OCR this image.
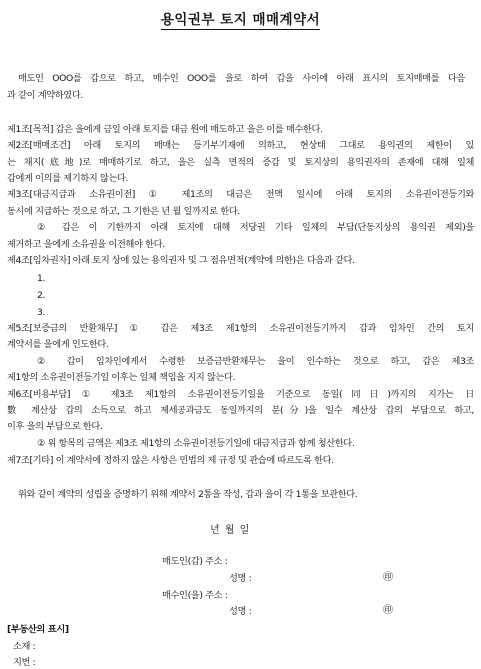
용익권부 토지 매매계약서
매도인 OOO를 갑으로 하고, 매수인 OOO를 을로 하여 갑을 사이에 아래 표시의 토지매매를 다음
과 같이 계약하였다.
제1조[목적] 갑은 을에게 금일 아래 토지를 대금 원에 매도하고 을은 이를 매수한다.
제2조[매매조건] 아래 토지의 매매는 등기부기재에 의하고, 현상태 그대로 용익권의 제한이 있
는 채지(底地)로 매매하기로 하고, 을은 실측 면적의 증감 및 토지상의 용익권자의 존재에 대해 일체
갑에게 이의를 제기하지 않는다.
제3조[대금지급과 소유권이전] ① 제1조의 대금은 전액 일시에 아래 토지의 소유권이전등기와
동시에 지급하는 것으로 하고, 그 기한은 년 월 일까지로 한다.
② 갑은 이 기한까지 아래 토지에 대해 저당권 기타 일체의 부담(단동지상의 용익권 제외)을
제거하고 을에게 소유권을 이전해야 한다.
제4조[임차권자] 아래 토지 상에 있는 용익권자 및 그 점유면적(계약에 의한)은 다음과 같다.
1.
2.
3.
제5조[보증금의 반환채무] ① 갑은 제3조 제1항의 소유권이전등기까지 갑과 임차인 간의 토지
계약서를 을에게 인도한다.
② 갑이 임차인에게서 수령한 보증금반환채무는 을이 인수하는 것으로 하고, 갑은 제3조
제1항의 소유권이전등기일 이후는 일체 책임을 지지 않는다.
제6조[비용부담] ① 제3조 제1항의 소유권이전등기일을 기준으로 동일(同日)까지의 지가는 日
數 계산상 갑의 소득으로 하고 제세공과금도 동일까지의 분(分)을 일수 계산상 갑의 부담으로 하고,
이후 을의 부담으로 한다.
② 위 항목의 금액은 제3조 제1항의 소유권이전등기일에 대금지급과 함께 청산한다.
제7조[기타] 이 계약서에 정하지 않은 사항은 민법의 제 규정 및 관습에 따르도록 한다.
위와 같이 계약의 성립을 증명하기 위해 계약서 2통을 작성, 갑과 을이 각 1통을 보관한다.
년 월 일
매도인(갑) 주소 :
성명 :	㊞
매수인(을) 주소 :
성명 :	㊞
[부동산의 표시]
소재 :
지번 :
